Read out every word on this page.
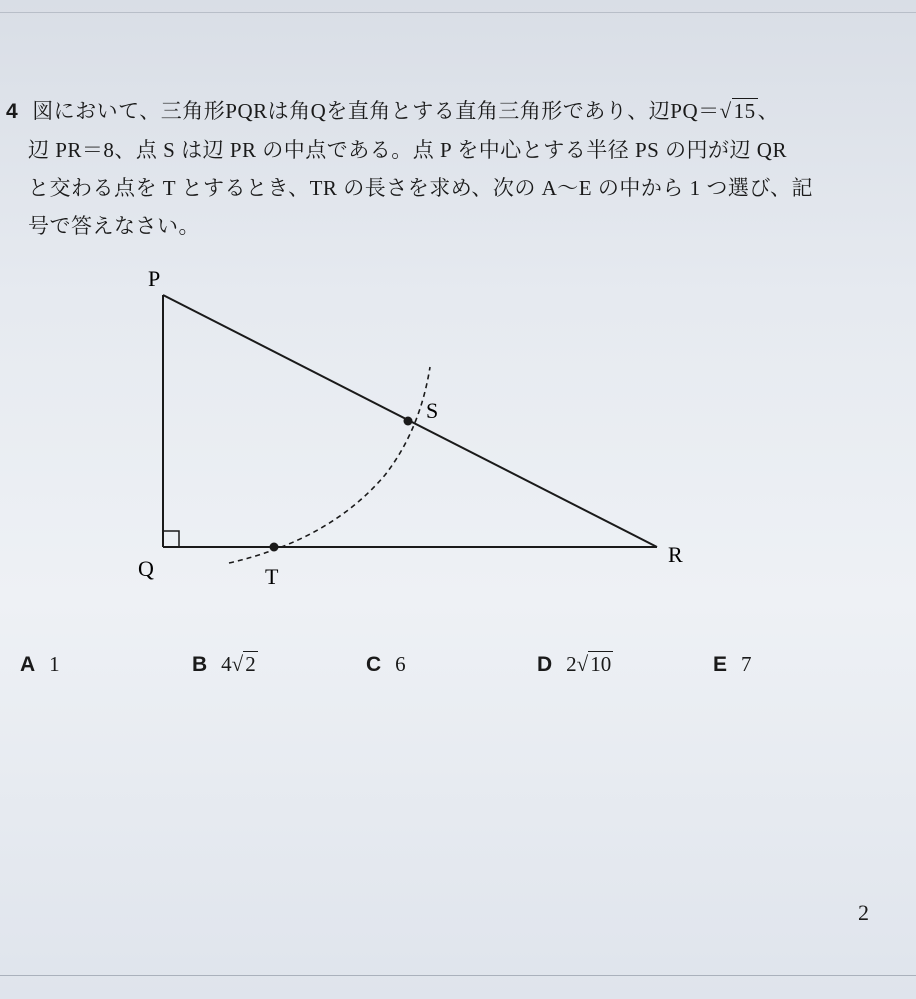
4 図において、三角形PQRは角Qを直角とする直角三角形であり、辺PQ＝√15、
辺 PR＝8、点 S は辺 PR の中点である。点 P を中心とする半径 PS の円が辺 QR
と交わる点を T とするとき、TR の長さを求め、次の A〜E の中から 1 つ選び、記
号で答えなさい。
P
Q
R
S
T
A 1	B 4√2	C 6	D 2√10	E 7
2
